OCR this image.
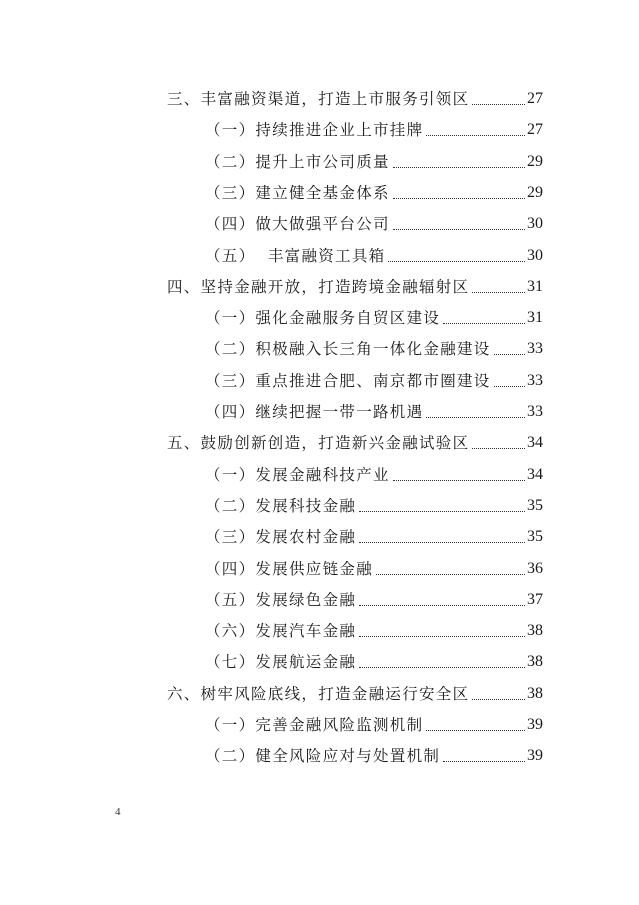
三、丰富融资渠道，打造上市服务引领区	27
（一）持续推进企业上市挂牌	27
（二）提升上市公司质量	29
（三）建立健全基金体系	29
（四）做大做强平台公司	30
（五）  丰富融资工具箱	30
四、坚持金融开放，打造跨境金融辐射区	31
（一）强化金融服务自贸区建设	31
（二）积极融入长三角一体化金融建设 33
（三）重点推进合肥、南京都市圈建设 33
（四）继续把握一带一路机遇	33
五、鼓励创新创造，打造新兴金融试验区	34
（一）发展金融科技产业	34
（二）发展科技金融	35
（三）发展农村金融	35
（四）发展供应链金融	36
（五）发展绿色金融	37
（六）发展汽车金融	38
（七）发展航运金融	38
六、树牢风险底线，打造金融运行安全区	38
（一）完善金融风险监测机制	39
（二）健全风险应对与处置机制	39
4
